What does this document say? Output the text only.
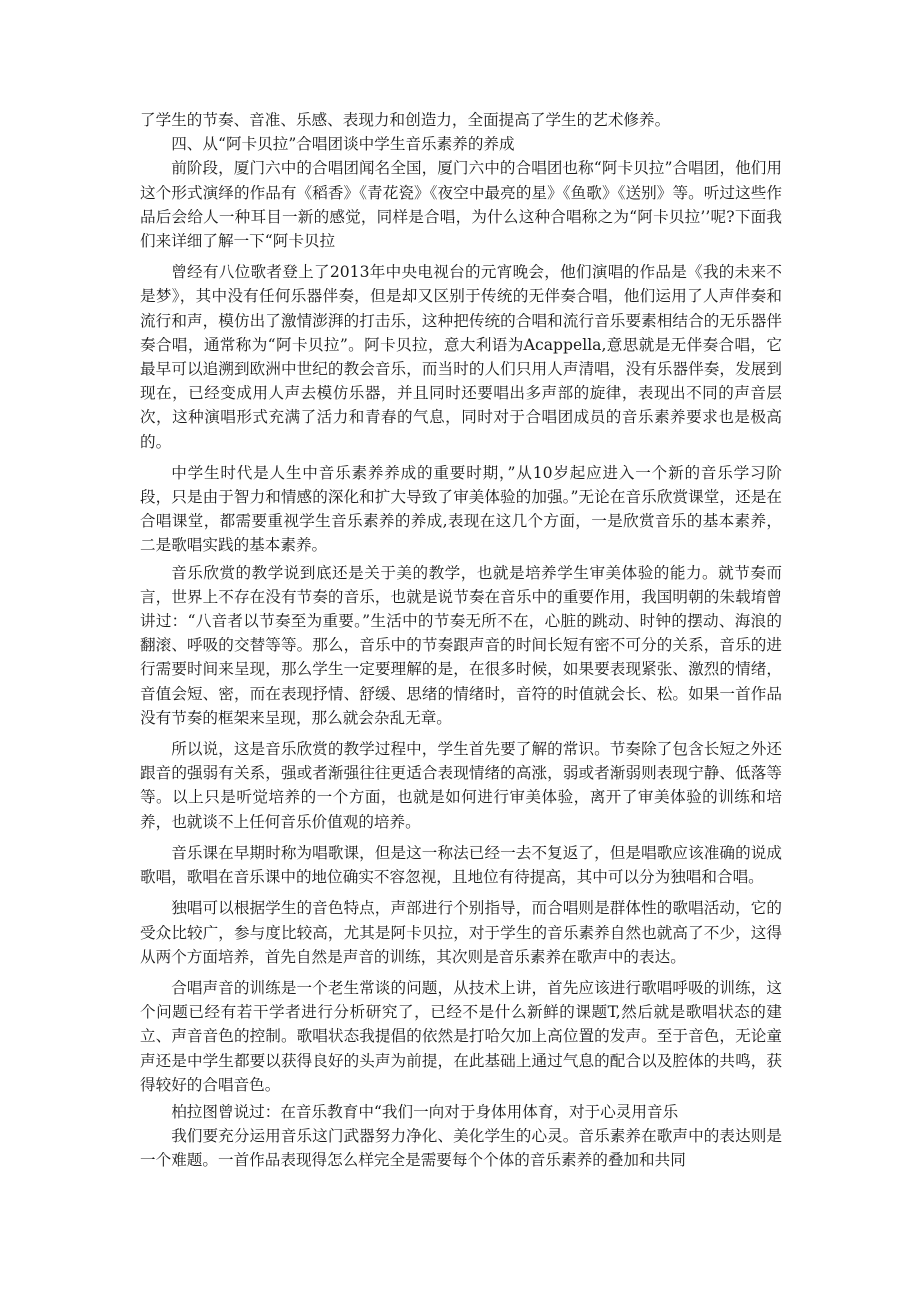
了学生的节奏、音准、乐感、表现力和创造力，全面提高了学生的艺术修养。

四、从“阿卡贝拉”合唱团谈中学生音乐素养的养成

前阶段，厦门六中的合唱团闻名全国，厦门六中的合唱团也称“阿卡贝拉”合唱团，他们用这个形式演绎的作品有《稻香》《青花瓷》《夜空中最亮的星》《鱼歌》《送别》等。听过这些作品后会给人一种耳目一新的感觉，同样是合唱，为什么这种合唱称之为“阿卡贝拉’’呢?下面我们来详细了解一下“阿卡贝拉

曾经有八位歌者登上了2013年中央电视台的元宵晚会，他们演唱的作品是《我的未来不是梦》，其中没有任何乐器伴奏，但是却又区别于传统的无伴奏合唱，他们运用了人声伴奏和流行和声，模仿出了激情澎湃的打击乐，这种把传统的合唱和流行音乐要素相结合的无乐器伴奏合唱，通常称为“阿卡贝拉”。阿卡贝拉，意大利语为Acappella,意思就是无伴奏合唱，它最早可以追溯到欧洲中世纪的教会音乐，而当时的人们只用人声清唱，没有乐器伴奏，发展到现在，已经变成用人声去模仿乐器，并且同时还要唱出多声部的旋律，表现出不同的声音层次，这种演唱形式充满了活力和青春的气息，同时对于合唱团成员的音乐素养要求也是极高的。

中学生时代是人生中音乐素养养成的重要时期，”从10岁起应进入一个新的音乐学习阶段，只是由于智力和情感的深化和扩大导致了审美体验的加强。”无论在音乐欣赏课堂，还是在合唱课堂，都需要重视学生音乐素养的养成,表现在这几个方面，一是欣赏音乐的基本素养，二是歌唱实践的基本素养。

音乐欣赏的教学说到底还是关于美的教学，也就是培养学生审美体验的能力。就节奏而言，世界上不存在没有节奏的音乐，也就是说节奏在音乐中的重要作用，我国明朝的朱载堉曾讲过：“八音者以节奏至为重要。”生活中的节奏无所不在，心脏的跳动、时钟的摆动、海浪的翻滚、呼吸的交替等等。那么，音乐中的节奏跟声音的时间长短有密不可分的关系，音乐的进行需要时间来呈现，那么学生一定要理解的是，在很多时候，如果要表现紧张、激烈的情绪，音值会短、密，而在表现抒情、舒缓、思绪的情绪时，音符的时值就会长、松。如果一首作品没有节奏的框架来呈现，那么就会杂乱无章。

所以说，这是音乐欣赏的教学过程中，学生首先要了解的常识。节奏除了包含长短之外还跟音的强弱有关系，强或者渐强往往更适合表现情绪的高涨，弱或者渐弱则表现宁静、低落等等。以上只是听觉培养的一个方面，也就是如何进行审美体验，离开了审美体验的训练和培养，也就谈不上任何音乐价值观的培养。

音乐课在早期时称为唱歌课，但是这一称法已经一去不复返了，但是唱歌应该准确的说成歌唱，歌唱在音乐课中的地位确实不容忽视，且地位有待提高，其中可以分为独唱和合唱。

独唱可以根据学生的音色特点，声部进行个别指导，而合唱则是群体性的歌唱活动，它的受众比较广，参与度比较高，尤其是阿卡贝拉，对于学生的音乐素养自然也就高了不少，这得从两个方面培养，首先自然是声音的训练，其次则是音乐素养在歌声中的表达。

合唱声音的训练是一个老生常谈的问题，从技术上讲，首先应该进行歌唱呼吸的训练，这个问题已经有若干学者进行分析研究了，已经不是什么新鲜的课题T,然后就是歌唱状态的建立、声音音色的控制。歌唱状态我提倡的依然是打哈欠加上高位置的发声。至于音色，无论童声还是中学生都要以获得良好的头声为前提，在此基础上通过气息的配合以及腔体的共鸣，获得较好的合唱音色。

柏拉图曾说过：在音乐教育中“我们一向对于身体用体育，对于心灵用音乐

我们要充分运用音乐这门武器努力净化、美化学生的心灵。音乐素养在歌声中的表达则是一个难题。一首作品表现得怎么样完全是需要每个个体的音乐素养的叠加和共同
